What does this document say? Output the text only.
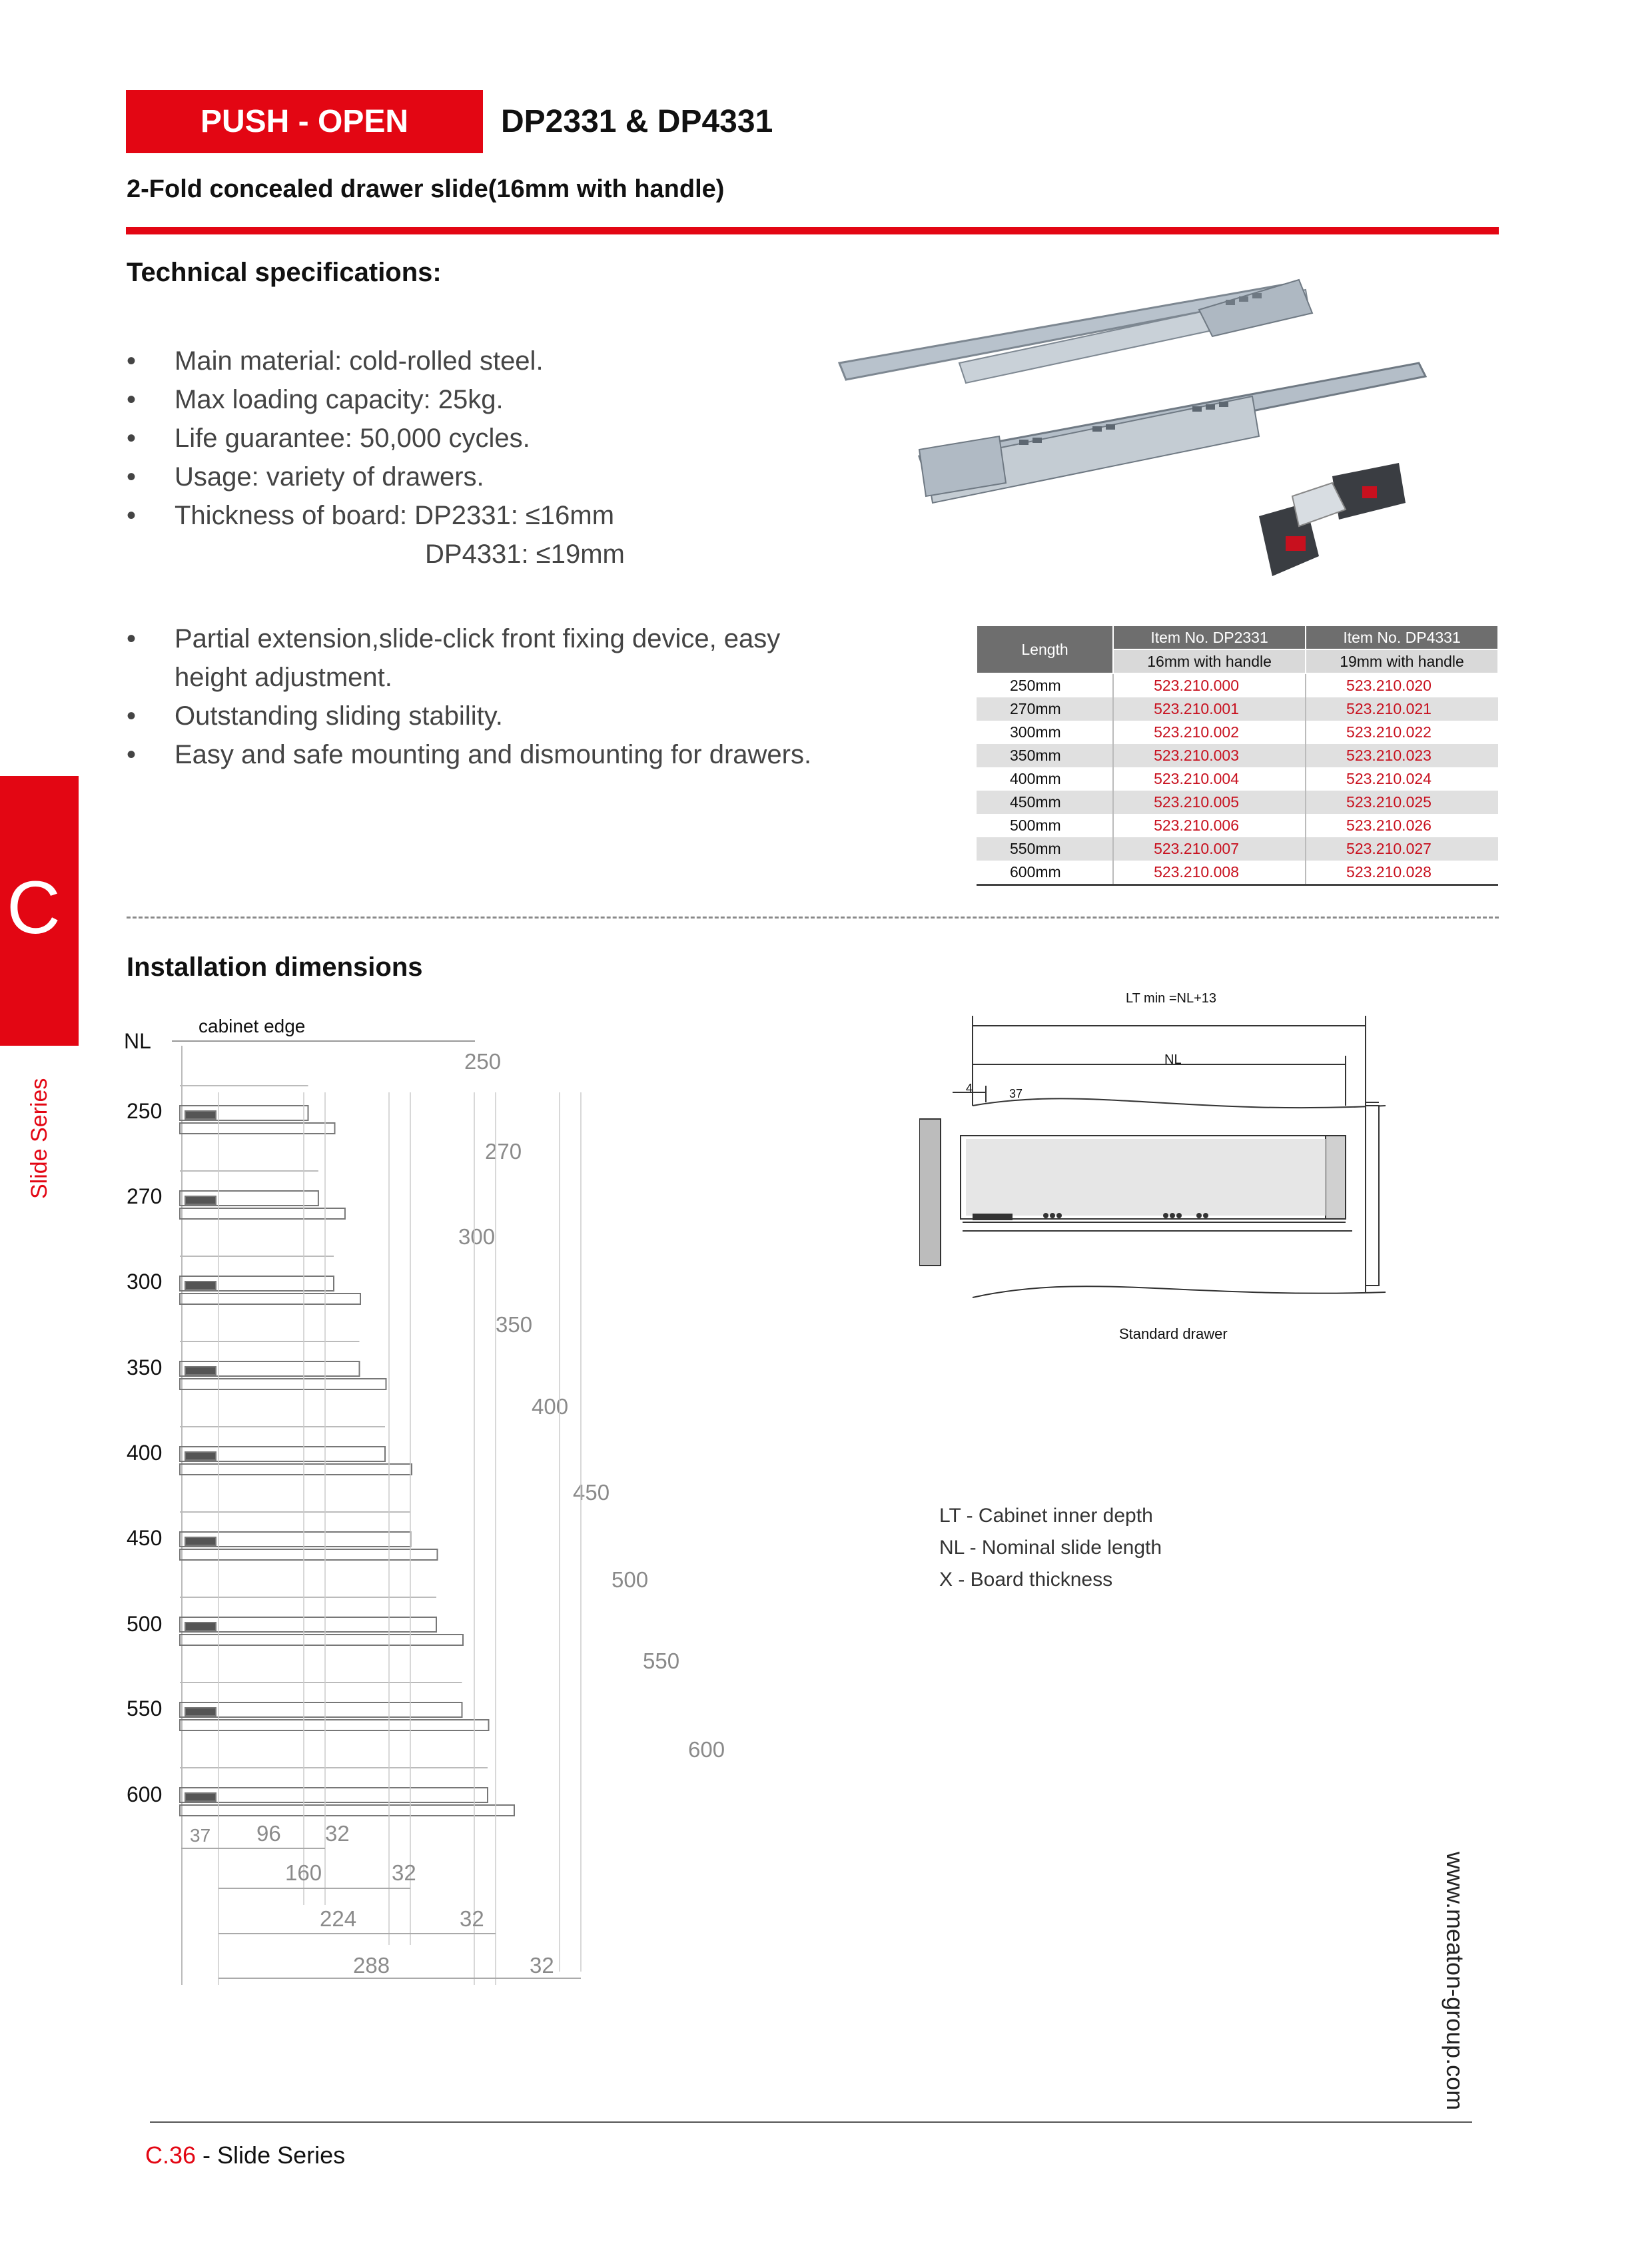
PUSH - OPEN	DP2331 & DP4331
2-Fold concealed drawer slide(16mm with handle)
Technical specifications:
• Main material: cold-rolled steel.
• Max loading capacity: 25kg.
• Life guarantee: 50,000 cycles.
• Usage: variety of drawers.
• Thickness of board: DP2331: ≤16mm
DP4331: ≤19mm
• Partial extension,slide-click front fixing device, easy
height adjustment.
• Outstanding sliding stability.
• Easy and safe mounting and dismounting for drawers.
Length	Item No. DP2331	Item No. DP4331
	16mm with handle	19mm with handle
250mm	523.210.000	523.210.020
270mm	523.210.001	523.210.021
300mm	523.210.002	523.210.022
350mm	523.210.003	523.210.023
400mm	523.210.004	523.210.024
450mm	523.210.005	523.210.025
500mm	523.210.006	523.210.026
550mm	523.210.007	523.210.027
600mm	523.210.008	523.210.028
C
Slide Series
Installation dimensions
NL
cabinet edge
250
270
300
350
400
450
500
550
600
250
270
300
350
400
450
500
550
600
37 96 32
160	32
224	32
288	32
LT min =NL+13
NL
4	37
Standard drawer
LT - Cabinet inner depth
NL - Nominal slide length
X - Board thickness
www.meaton-group.com
C.36 - Slide Series
